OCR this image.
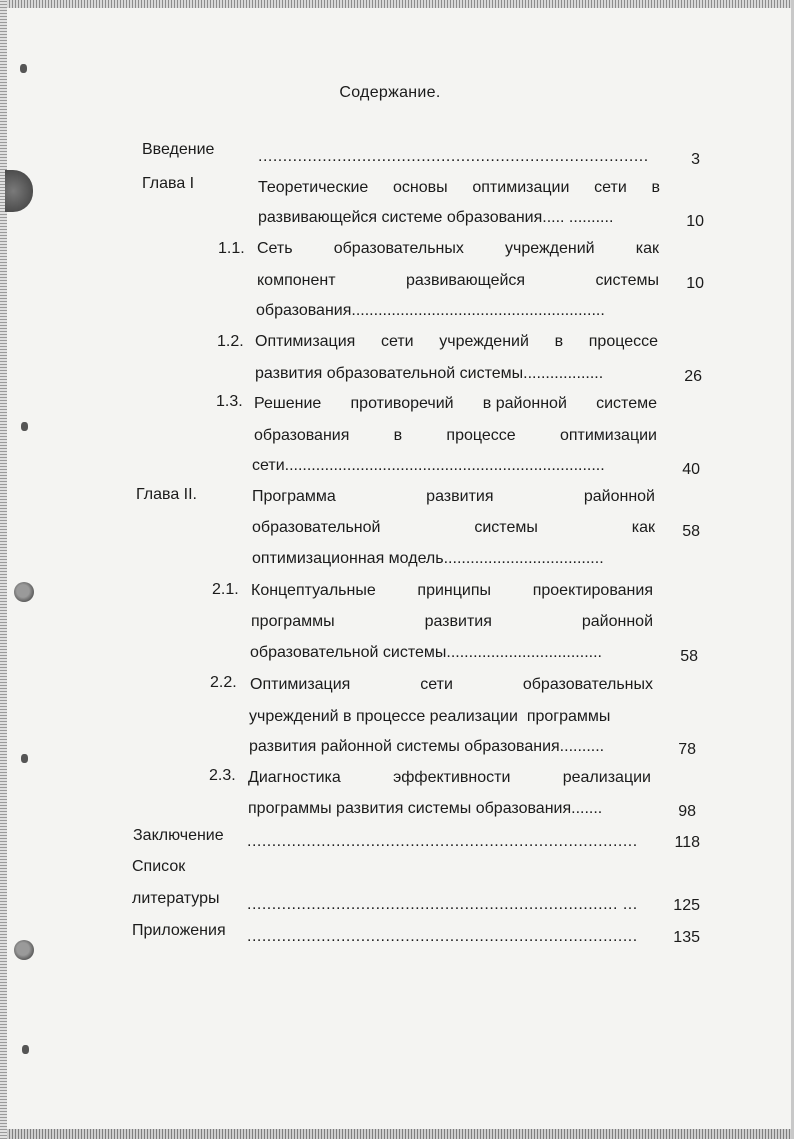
Содержание.
Введение	...............................................................................	3
Глава I	Теоретические основы оптимизации сети в
развивающейся системе образования..... ..........	10
1.1. Сеть	образовательных	учреждений	как
компонент	развивающейся	системы
образования.........................................................
10
1.2. Оптимизация сети учреждений в процессе
развития образовательной системы..................	26
1.3. Решение противоречий в районной системе
образования	в	процессе	оптимизации
сети........................................................................	40
Глава II.	Программа	развития	районной
образовательной	системы	как
оптимизационная модель....................................
58
2.1. Концептуальные	принципы	проектирования
программы	развития	районной
образовательной системы...................................	58
2.2. Оптимизация	сети	образовательных
учреждений в процессе реализации  программы
развития районной системы образования..........	78
2.3. Диагностика	эффективности	реализации
программы развития системы образования.......	98
Заключение ...............................................................................	118
Список
литературы ........................................................................... ...	125
Приложения ...............................................................................	135
